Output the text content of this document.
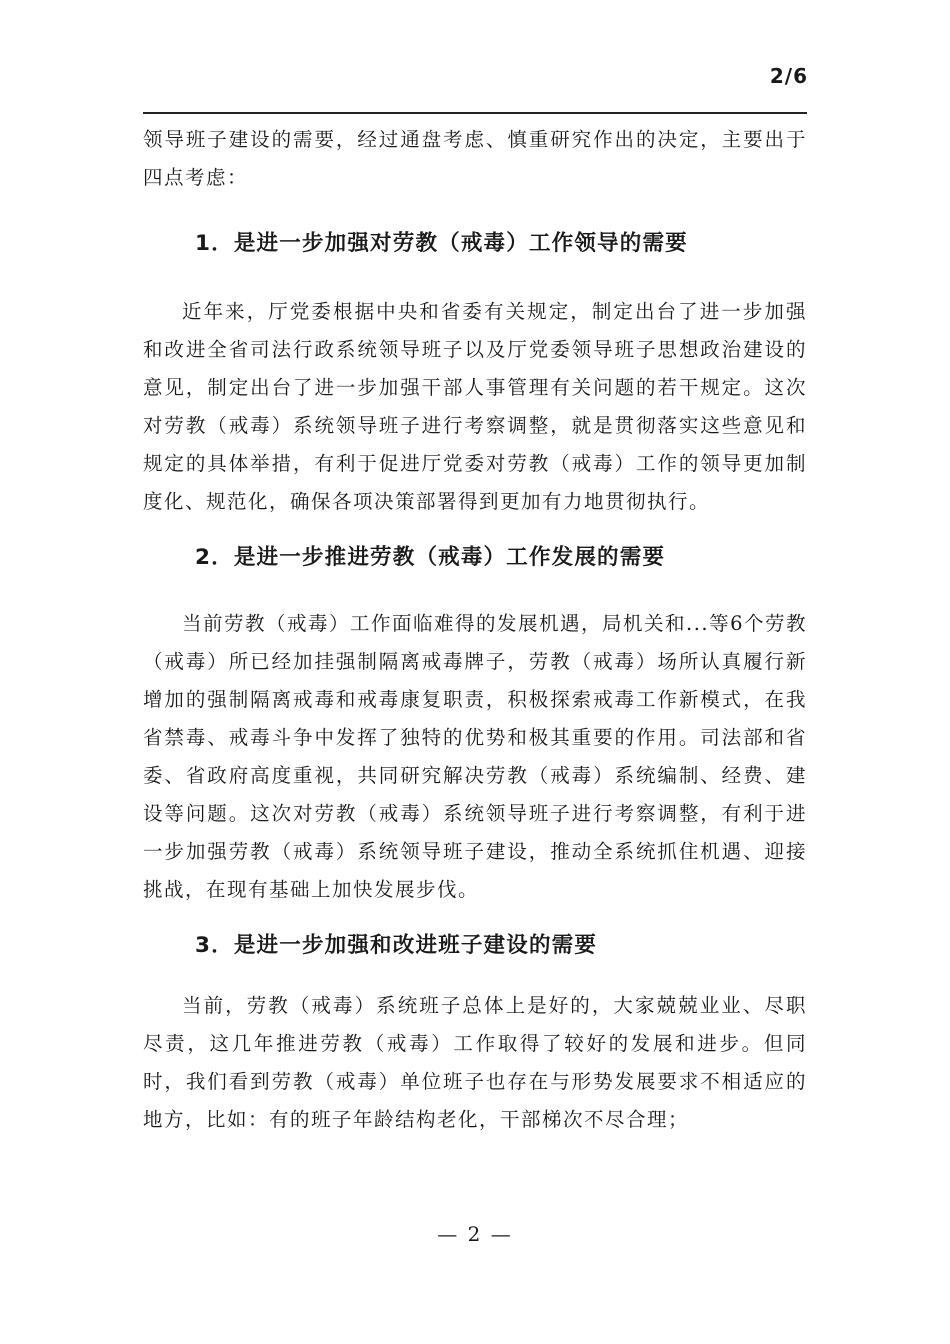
2/6

领导班子建设的需要，经过通盘考虑、慎重研究作出的决定，主要出于四点考虑：

1．是进一步加强对劳教（戒毒）工作领导的需要

近年来，厅党委根据中央和省委有关规定，制定出台了进一步加强和改进全省司法行政系统领导班子以及厅党委领导班子思想政治建设的意见，制定出台了进一步加强干部人事管理有关问题的若干规定。这次对劳教（戒毒）系统领导班子进行考察调整，就是贯彻落实这些意见和规定的具体举措，有利于促进厅党委对劳教（戒毒）工作的领导更加制度化、规范化，确保各项决策部署得到更加有力地贯彻执行。

2．是进一步推进劳教（戒毒）工作发展的需要

当前劳教（戒毒）工作面临难得的发展机遇，局机关和...等6个劳教（戒毒）所已经加挂强制隔离戒毒牌子，劳教（戒毒）场所认真履行新增加的强制隔离戒毒和戒毒康复职责，积极探索戒毒工作新模式，在我省禁毒、戒毒斗争中发挥了独特的优势和极其重要的作用。司法部和省委、省政府高度重视，共同研究解决劳教（戒毒）系统编制、经费、建设等问题。这次对劳教（戒毒）系统领导班子进行考察调整，有利于进一步加强劳教（戒毒）系统领导班子建设，推动全系统抓住机遇、迎接挑战，在现有基础上加快发展步伐。

3．是进一步加强和改进班子建设的需要

当前，劳教（戒毒）系统班子总体上是好的，大家兢兢业业、尽职尽责，这几年推进劳教（戒毒）工作取得了较好的发展和进步。但同时，我们看到劳教（戒毒）单位班子也存在与形势发展要求不相适应的地方，比如：有的班子年龄结构老化，干部梯次不尽合理；

— 2 —
